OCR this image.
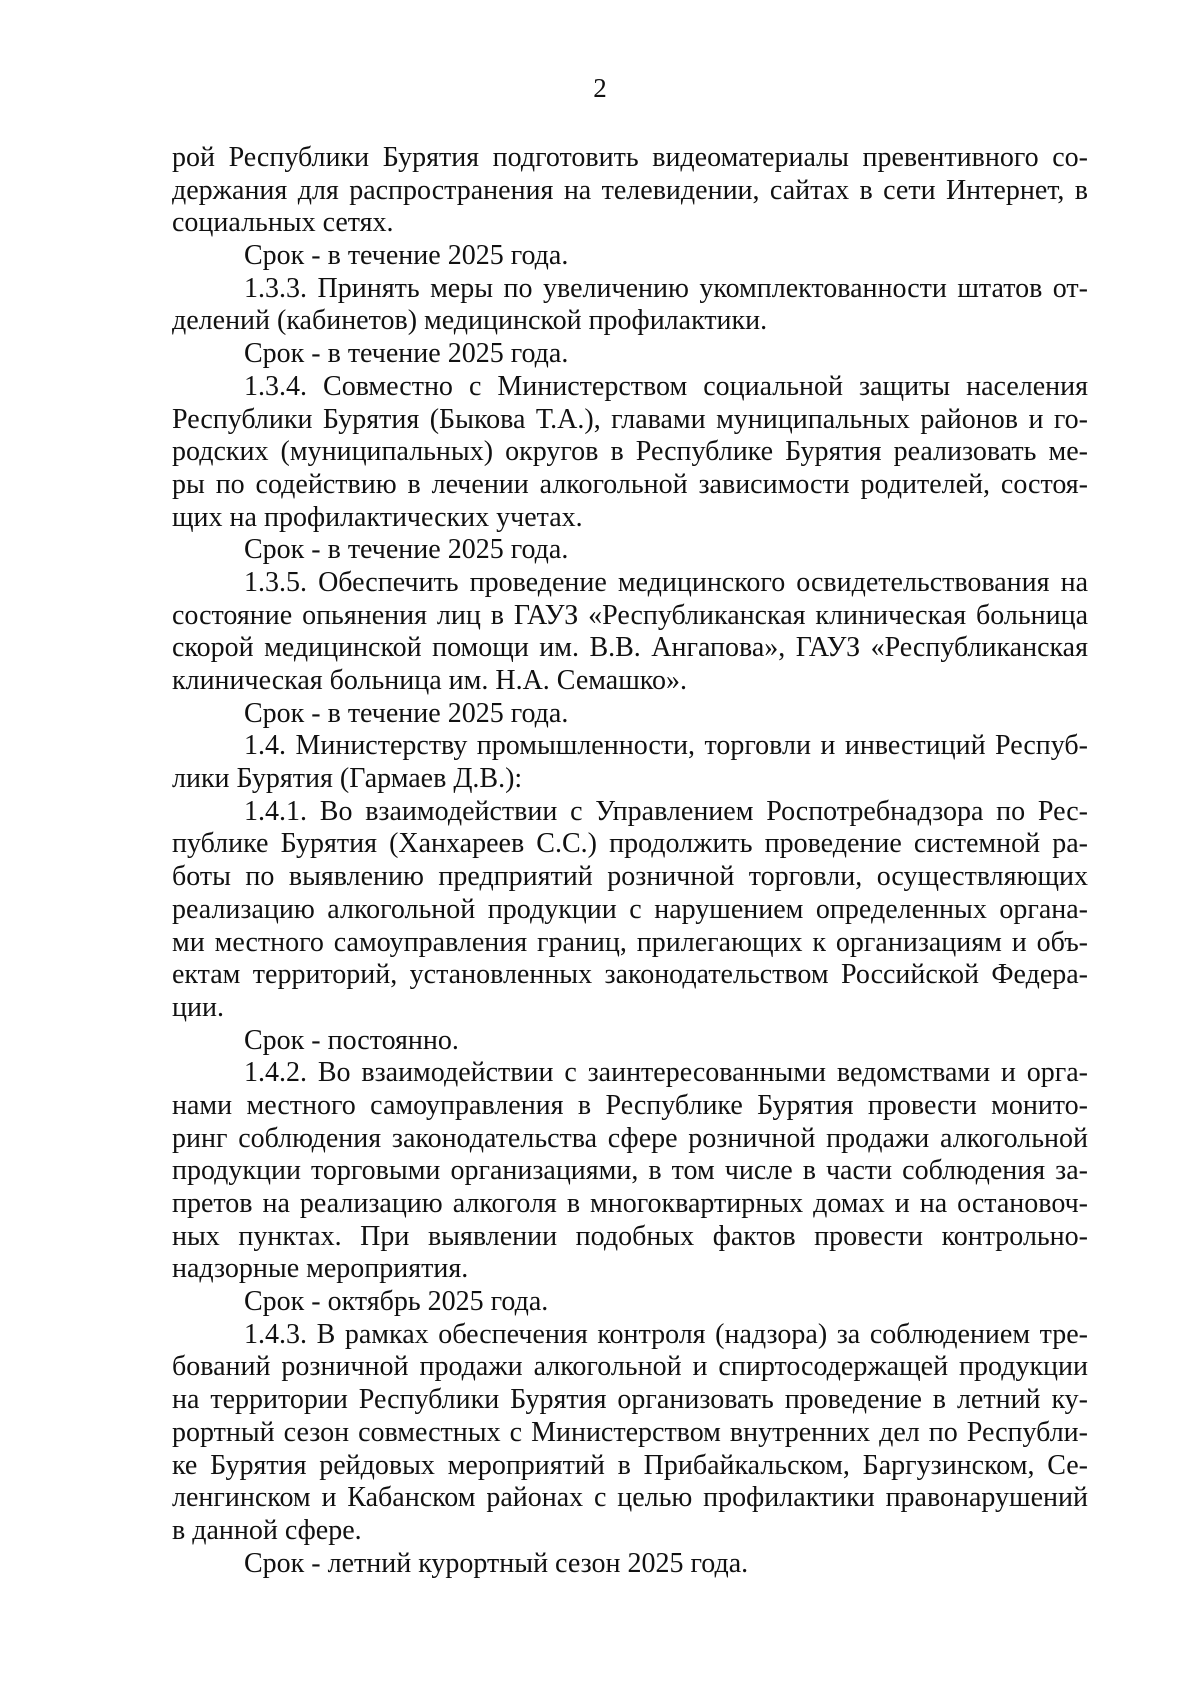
2
рой Республики Бурятия подготовить видеоматериалы превентивного со-
держания для распространения на телевидении, сайтах в сети Интернет, в
социальных сетях.
Срок - в течение 2025 года.
1.3.3. Принять меры по увеличению укомплектованности штатов от-
делений (кабинетов) медицинской профилактики.
Срок - в течение 2025 года.
1.3.4. Совместно с Министерством социальной защиты населения
Республики Бурятия (Быкова Т.А.), главами муниципальных районов и го-
родских (муниципальных) округов в Республике Бурятия реализовать ме-
ры по содействию в лечении алкогольной зависимости родителей, состоя-
щих на профилактических учетах.
Срок - в течение 2025 года.
1.3.5. Обеспечить проведение медицинского освидетельствования на
состояние опьянения лиц в ГАУЗ «Республиканская клиническая больница
скорой медицинской помощи им. В.В. Ангапова», ГАУЗ «Республиканская
клиническая больница им. Н.А. Семашко».
Срок - в течение 2025 года.
1.4. Министерству промышленности, торговли и инвестиций Респуб-
лики Бурятия (Гармаев Д.В.):
1.4.1. Во взаимодействии с Управлением Роспотребнадзора по Рес-
публике Бурятия (Ханхареев С.С.) продолжить проведение системной ра-
боты по выявлению предприятий розничной торговли, осуществляющих
реализацию алкогольной продукции с нарушением определенных органа-
ми местного самоуправления границ, прилегающих к организациям и объ-
ектам территорий, установленных законодательством Российской Федера-
ции.
Срок - постоянно.
1.4.2. Во взаимодействии с заинтересованными ведомствами и орга-
нами местного самоуправления в Республике Бурятия провести монито-
ринг соблюдения законодательства сфере розничной продажи алкогольной
продукции торговыми организациями, в том числе в части соблюдения за-
претов на реализацию алкоголя в многоквартирных домах и на остановоч-
ных пунктах. При выявлении подобных фактов провести контрольно-
надзорные мероприятия.
Срок - октябрь 2025 года.
1.4.3. В рамках обеспечения контроля (надзора) за соблюдением тре-
бований розничной продажи алкогольной и спиртосодержащей продукции
на территории Республики Бурятия организовать проведение в летний ку-
рортный сезон совместных с Министерством внутренних дел по Республи-
ке Бурятия рейдовых мероприятий в Прибайкальском, Баргузинском, Се-
ленгинском и Кабанском районах с целью профилактики правонарушений
в данной сфере.
Срок - летний курортный сезон 2025 года.
